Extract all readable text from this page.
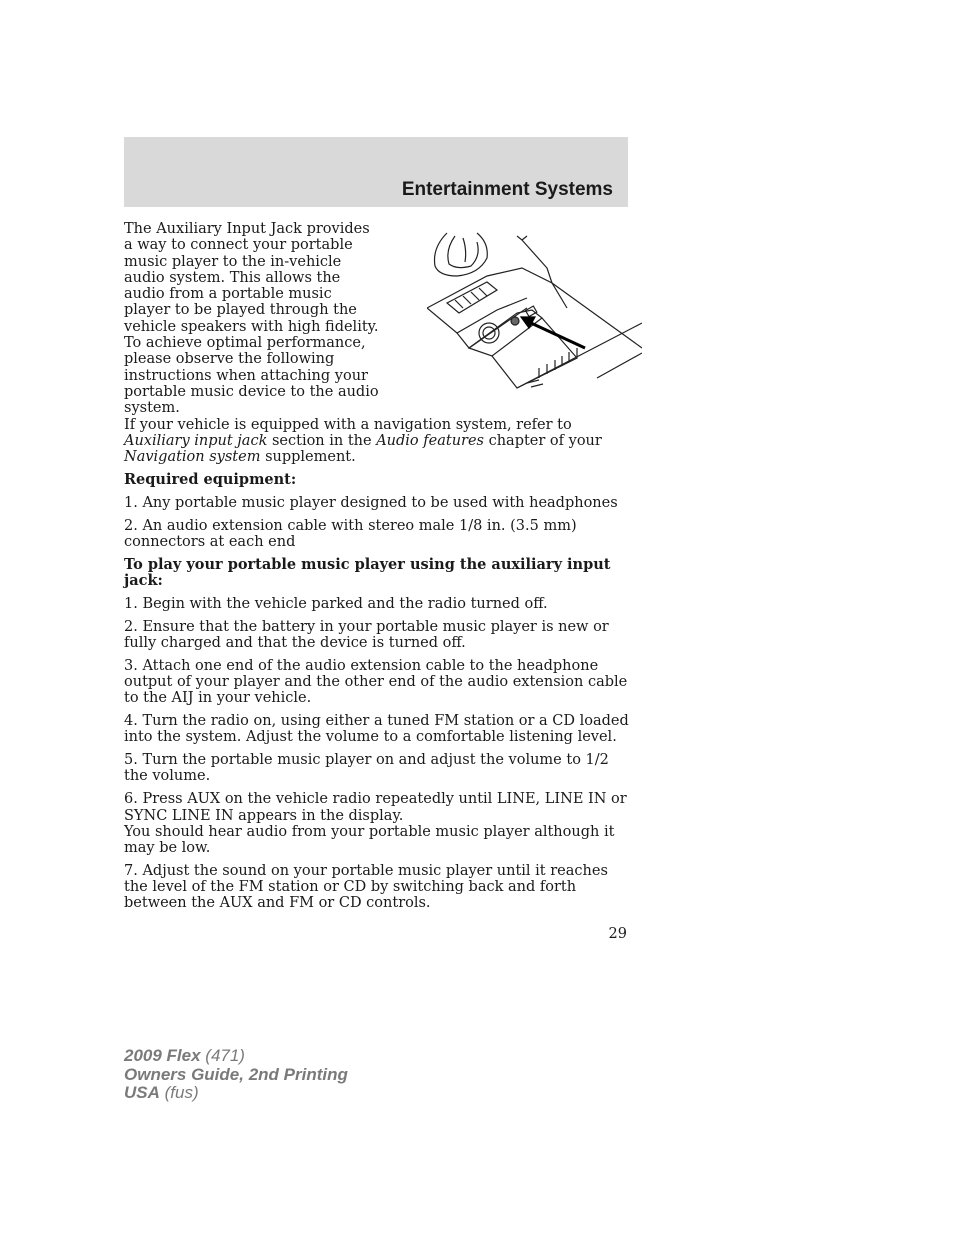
Entertainment Systems

The Auxiliary Input Jack provides a way to connect your portable music player to the in-vehicle audio system. This allows the audio from a portable music player to be played through the vehicle speakers with high fidelity. To achieve optimal performance, please observe the following instructions when attaching your portable music device to the audio system.

If your vehicle is equipped with a navigation system, refer to Auxiliary input jack section in the Audio features chapter of your Navigation system supplement.

Required equipment:

1. Any portable music player designed to be used with headphones

2. An audio extension cable with stereo male 1/8 in. (3.5 mm) connectors at each end

To play your portable music player using the auxiliary input jack:

1. Begin with the vehicle parked and the radio turned off.

2. Ensure that the battery in your portable music player is new or fully charged and that the device is turned off.

3. Attach one end of the audio extension cable to the headphone output of your player and the other end of the audio extension cable to the AIJ in your vehicle.

4. Turn the radio on, using either a tuned FM station or a CD loaded into the system. Adjust the volume to a comfortable listening level.

5. Turn the portable music player on and adjust the volume to 1/2 the volume.

6. Press AUX on the vehicle radio repeatedly until LINE, LINE IN or SYNC LINE IN appears in the display.

You should hear audio from your portable music player although it may be low.

7. Adjust the sound on your portable music player until it reaches the level of the FM station or CD by switching back and forth between the AUX and FM or CD controls.

29
2009 Flex (471)
Owners Guide, 2nd Printing
USA (fus)
